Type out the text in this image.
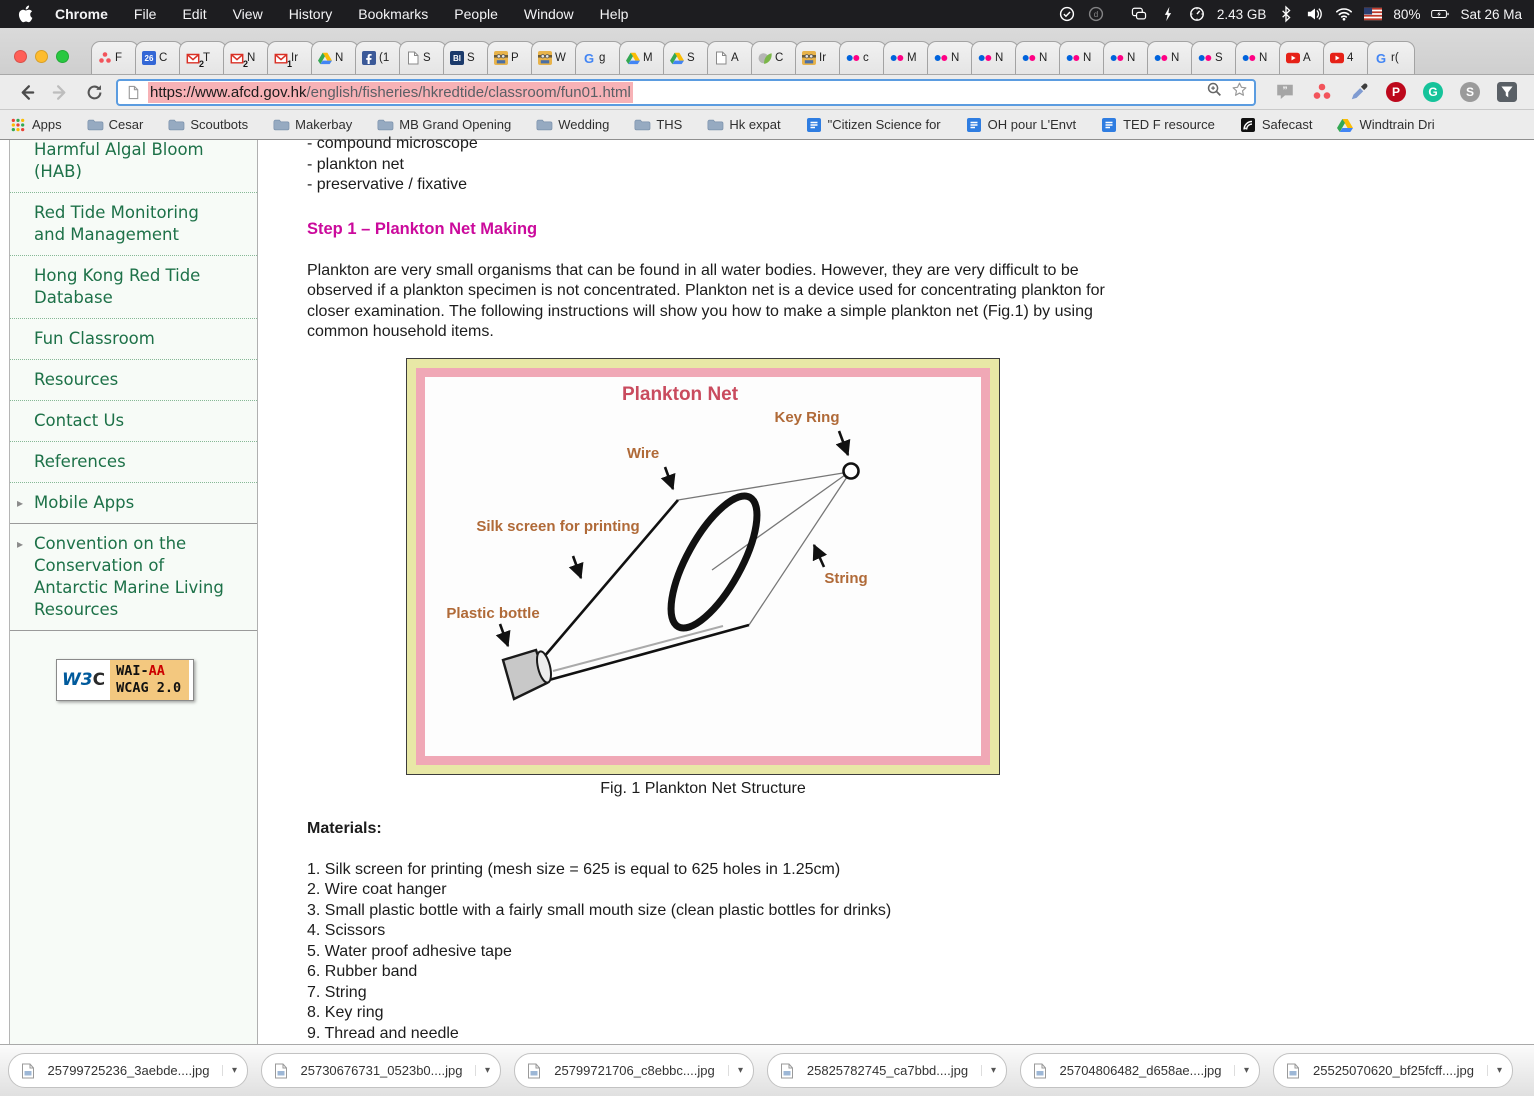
Chrome File Edit View History Bookmarks People Window Help	d	2.43 GB	80%	Sat 26 Ma
F	26 C	2 T	2 N	1 Ir	N	(1	S	BI S	P	W G g	M	S	A	C	Ir	c	M	N	N	N	N	N	N	S	N	A	4 G r(
https://www.afcd.gov.hk/english/fisheries/hkredtide/classroom/fun01.html	”	P	G	S
Apps	Cesar	Scoutbots	Makerbay	MB Grand Opening	Wedding	THS	Hk expat	"Citizen Science for	OH pour L'Envt	TED F resource	Safecast	Windtrain Dri
Harmful Algal Bloom (HAB)
Red Tide Monitoring and Management
Hong Kong Red Tide Database
Fun Classroom
Resources
Contact Us
References
▸ Mobile Apps
▸ Convention on the Conservation of Antarctic Marine Living Resources
W3 C WAI-AA
WCAG 2.0
- compound microscope
- plankton net
- preservative / fixative
Step 1 – Plankton Net Making
Plankton are very small organisms that can be found in all water bodies. However, they are very difficult to be observed if a plankton specimen is not concentrated. Plankton net is a device used for concentrating plankton for closer examination. The following instructions will show you how to make a simple plankton net (Fig.1) by using common household items.
Plankton Net
Key Ring
Wire
Silk screen for printing
String
Plastic bottle
Fig. 1 Plankton Net Structure
Materials:
1. Silk screen for printing (mesh size = 625 is equal to 625 holes in 1.25cm)
2. Wire coat hanger
3. Small plastic bottle with a fairly small mouth size (clean plastic bottles for drinks)
4. Scissors
5. Water proof adhesive tape
6. Rubber band
7. String
8. Key ring
9. Thread and needle
25799725236_3aebde....jpg	▾	25730676731_0523b0....jpg	▾	25799721706_c8ebbc....jpg	▾	25825782745_ca7bbd....jpg	▾	25704806482_d658ae....jpg	▾	25525070620_bf25fcff....jpg	▾
